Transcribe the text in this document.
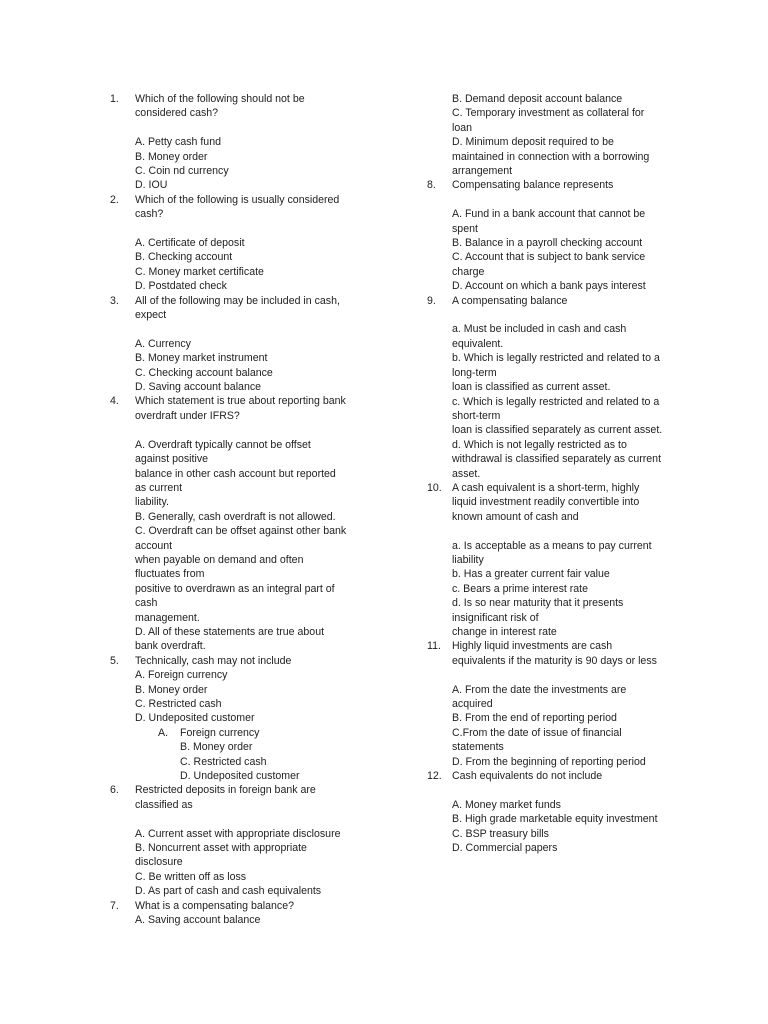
1. Which of the following should not be
considered cash?
A. Petty cash fund
B. Money order
C. Coin nd currency
D. IOU
2. Which of the following is usually considered
cash?
A. Certificate of deposit
B. Checking account
C. Money market certificate
D. Postdated check
3. All of the following may be included in cash,
expect
A. Currency
B. Money market instrument
C. Checking account balance
D. Saving account balance
4. Which statement is true about reporting bank
overdraft under IFRS?
A. Overdraft typically cannot be offset
against positive
balance in other cash account but reported
as current
liability.
B. Generally, cash overdraft is not allowed.
C. Overdraft can be offset against other bank
account
when payable on demand and often
fluctuates from
positive to overdrawn as an integral part of
cash
management.
D. All of these statements are true about
bank overdraft.
5. Technically, cash may not include
A. Foreign currency
B. Money order
C. Restricted cash
D. Undeposited customer
A. Foreign currency
B. Money order
C. Restricted cash
D. Undeposited customer
6. Restricted deposits in foreign bank are
classified as
A. Current asset with appropriate disclosure
B. Noncurrent asset with appropriate
disclosure
C. Be written off as loss
D. As part of cash and cash equivalents
7. What is a compensating balance?
A. Saving account balance
B. Demand deposit account balance
C. Temporary investment as collateral for
loan
D. Minimum deposit required to be
maintained in connection with a borrowing
arrangement
8. Compensating balance represents
A. Fund in a bank account that cannot be
spent
B. Balance in a payroll checking account
C. Account that is subject to bank service
charge
D. Account on which a bank pays interest
9. A compensating balance
a. Must be included in cash and cash
equivalent.
b. Which is legally restricted and related to a
long-term
loan is classified as current asset.
c. Which is legally restricted and related to a
short-term
loan is classified separately as current asset.
d. Which is not legally restricted as to
withdrawal is classified separately as current
asset.
10. A cash equivalent is a short-term, highly
liquid investment readily convertible into
known amount of cash and
a. Is acceptable as a means to pay current
liability
b. Has a greater current fair value
c. Bears a prime interest rate
d. Is so near maturity that it presents
insignificant risk of
change in interest rate
11. Highly liquid investments are cash
equivalents if the maturity is 90 days or less
A. From the date the investments are
acquired
B. From the end of reporting period
C.From the date of issue of financial
statements
D. From the beginning of reporting period
12. Cash equivalents do not include
A. Money market funds
B. High grade marketable equity investment
C. BSP treasury bills
D. Commercial papers
